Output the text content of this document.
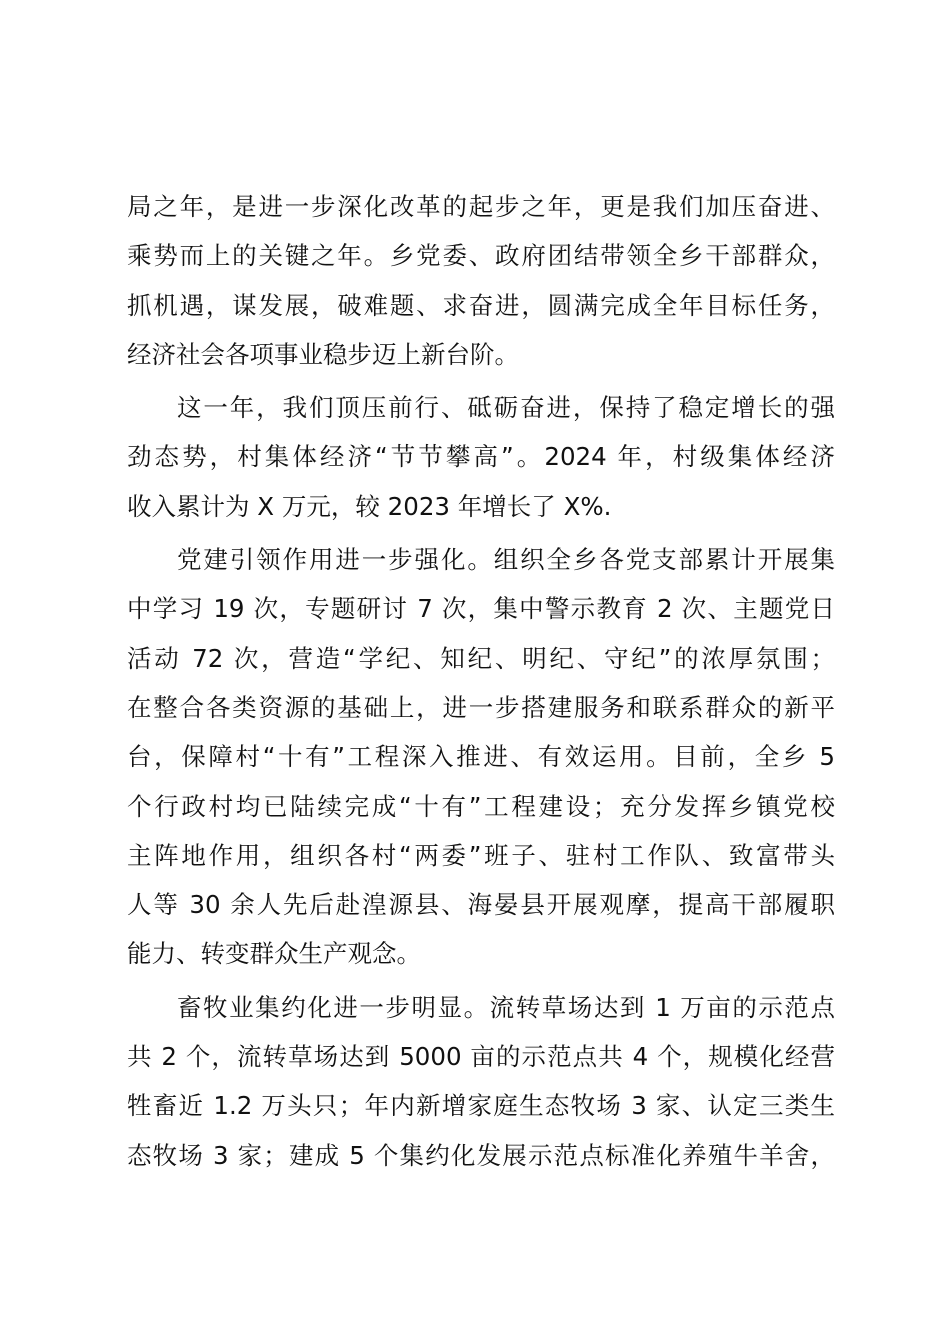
局之年，是进一步深化改革的起步之年，更是我们加压奋进、
乘势而上的关键之年。乡党委、政府团结带领全乡干部群众，
抓机遇，谋发展，破难题、求奋进，圆满完成全年目标任务，
经济社会各项事业稳步迈上新台阶。
这一年，我们顶压前行、砥砺奋进，保持了稳定增长的强
劲态势，村集体经济“节节攀高”。2024 年，村级集体经济
收入累计为 X 万元，较 2023 年增长了 X%.
党建引领作用进一步强化。组织全乡各党支部累计开展集
中学习 19 次，专题研讨 7 次，集中警示教育 2 次、主题党日
活动 72 次，营造“学纪、知纪、明纪、守纪”的浓厚氛围；
在整合各类资源的基础上，进一步搭建服务和联系群众的新平
台，保障村“十有”工程深入推进、有效运用。目前，全乡 5
个行政村均已陆续完成“十有”工程建设；充分发挥乡镇党校
主阵地作用，组织各村“两委”班子、驻村工作队、致富带头
人等 30 余人先后赴湟源县、海晏县开展观摩，提高干部履职
能力、转变群众生产观念。
畜牧业集约化进一步明显。流转草场达到 1 万亩的示范点
共 2 个，流转草场达到 5000 亩的示范点共 4 个，规模化经营
牲畜近 1.2 万头只；年内新增家庭生态牧场 3 家、认定三类生
态牧场 3 家；建成 5 个集约化发展示范点标准化养殖牛羊舍，
